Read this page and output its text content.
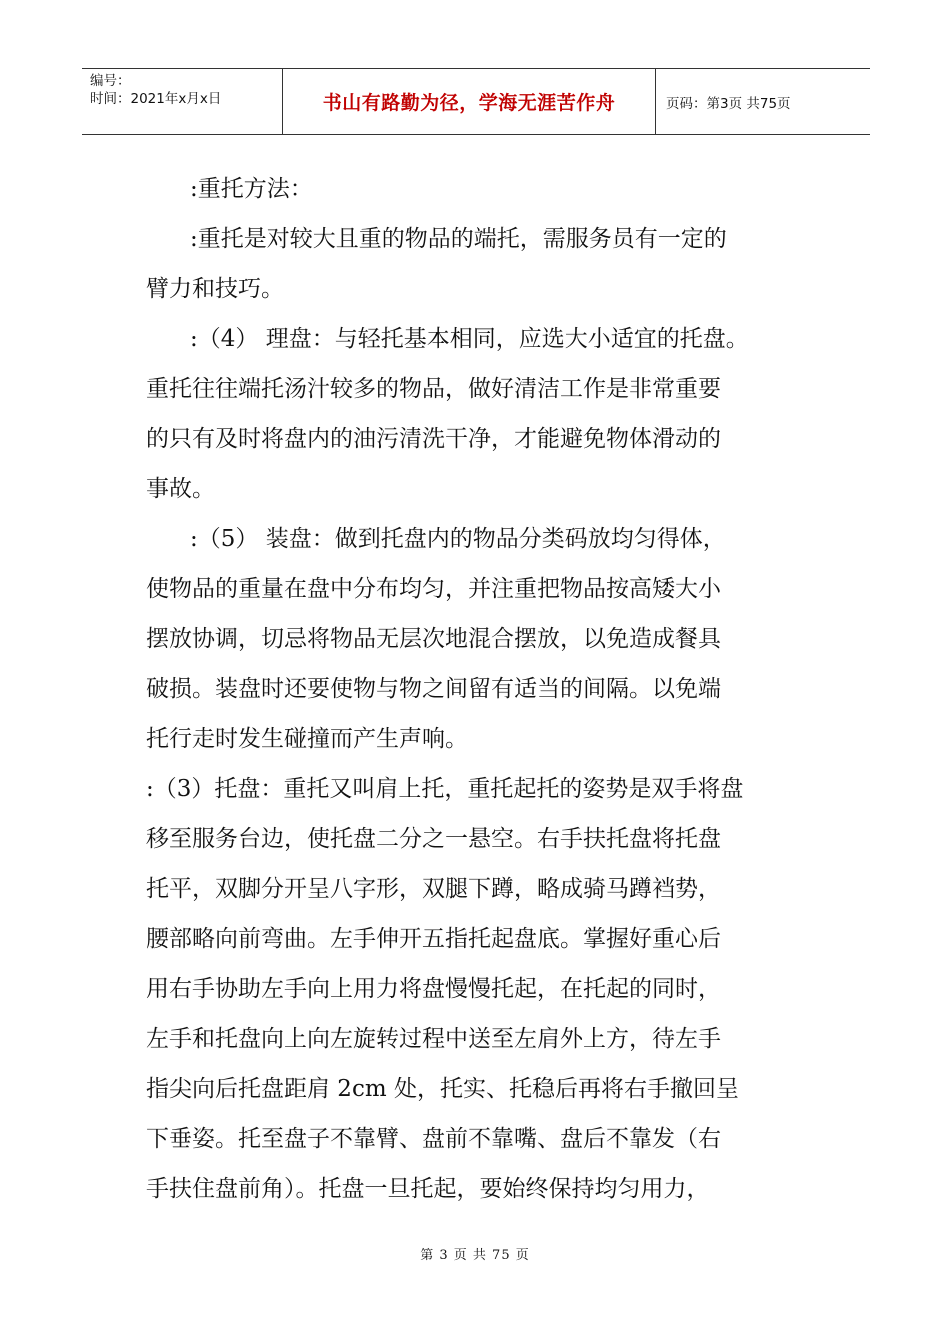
编号：
时间：2021年x月x日	书山有路勤为径，学海无涯苦作舟	页码：第3页 共75页

:重托方法：

:重托是对较大且重的物品的端托，需服务员有一定的

臂力和技巧。

:（4） 理盘：与轻托基本相同，应选大小适宜的托盘。

重托往往端托汤汁较多的物品，做好清洁工作是非常重要

的只有及时将盘内的油污清洗干净，才能避免物体滑动的

事故。

:（5） 装盘：做到托盘内的物品分类码放均匀得体，

使物品的重量在盘中分布均匀，并注重把物品按高矮大小

摆放协调，切忌将物品无层次地混合摆放，以免造成餐具

破损。装盘时还要使物与物之间留有适当的间隔。以免端

托行走时发生碰撞而产生声响。

:（3）托盘：重托又叫肩上托，重托起托的姿势是双手将盘

移至服务台边，使托盘二分之一悬空。右手扶托盘将托盘

托平，双脚分开呈八字形，双腿下蹲，略成骑马蹲裆势，

腰部略向前弯曲。左手伸开五指托起盘底。掌握好重心后

用右手协助左手向上用力将盘慢慢托起，在托起的同时，

左手和托盘向上向左旋转过程中送至左肩外上方，待左手

指尖向后托盘距肩 2cm 处，托实、托稳后再将右手撤回呈

下垂姿。托至盘子不靠臂、盘前不靠嘴、盘后不靠发（右

手扶住盘前角）。托盘一旦托起，要始终保持均匀用力，

第 3 页 共 75 页
